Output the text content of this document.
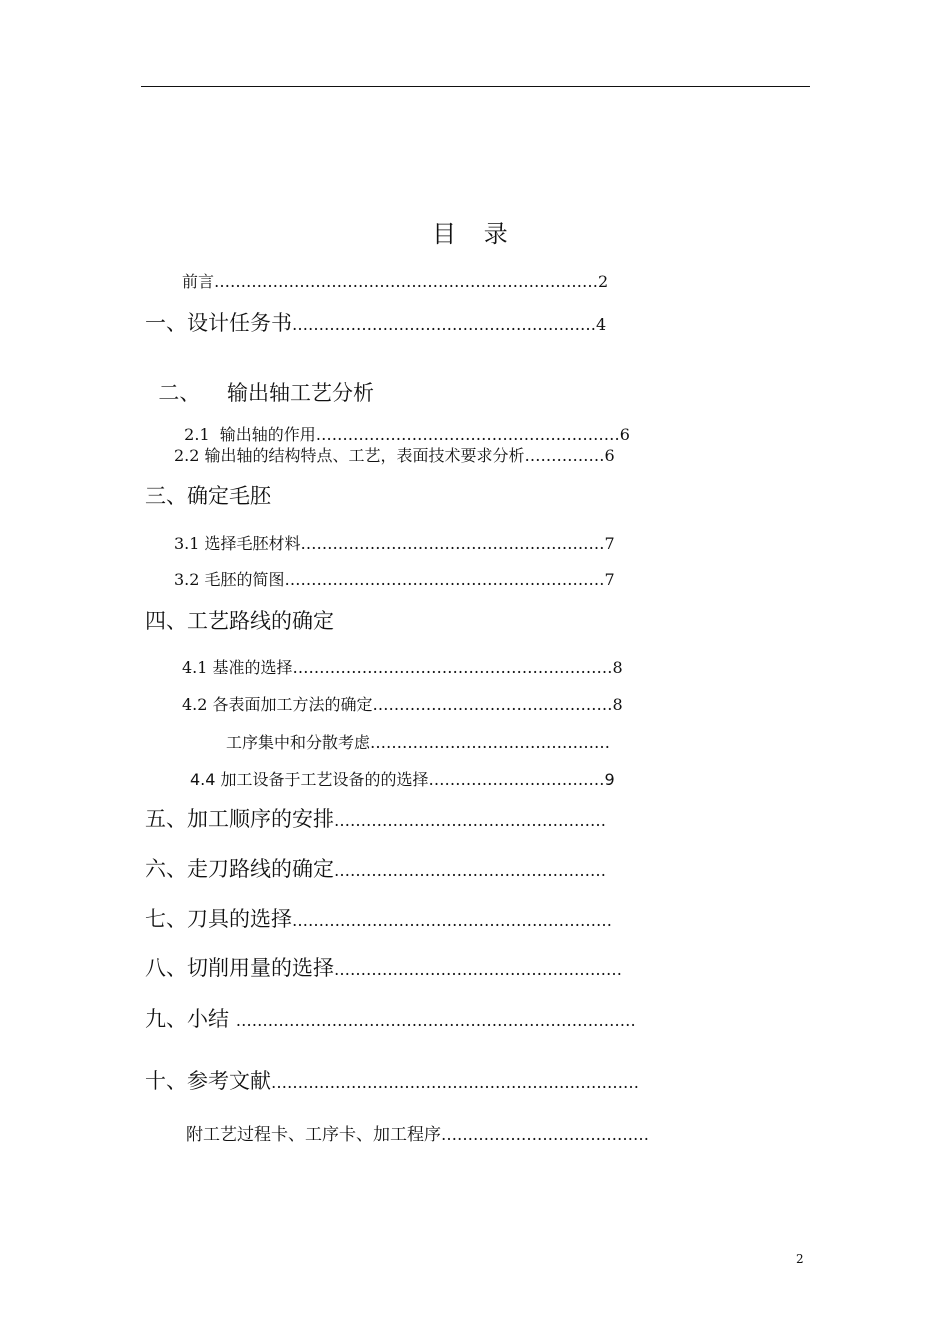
目 录
前言………………………………………………………………2
一、设计任务书…………………………………………………4

二、    输出轴工艺分析

2.1  输出轴的作用…………………………………………………6

2.2 输出轴的结构特点、工艺，表面技术要求分析……………6
三、确定毛胚
3.1 选择毛胚材料…………………………………………………7
3.2 毛胚的简图……………………………………………………7
四、工艺路线的确定
4.1 基准的选择……………………………………………………8
4.2 各表面加工方法的确定………………………………………8
工序集中和分散考虑………………………………………
4.4 加工设备于工艺设备的的选择……………………………9
五、加工顺序的安排……………………………………………
六、走刀路线的确定……………………………………………
七、刀具的选择……………………………………………………
八、切削用量的选择………………………………………………
九、小结 …………………………………………………………………
十、参考文献……………………………………………………………
附工艺过程卡、工序卡、加工程序…………………………………
2
